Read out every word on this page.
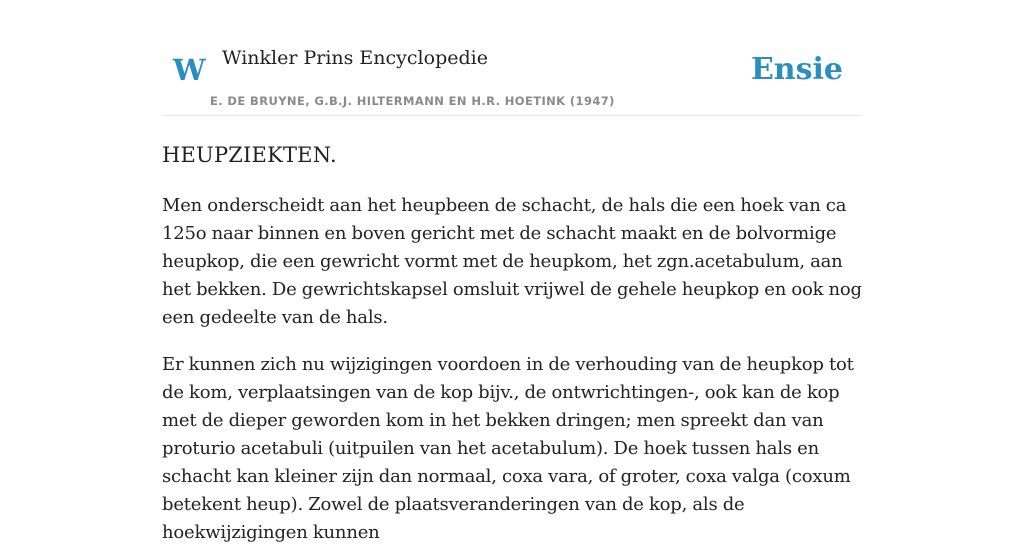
W Winkler Prins Encyclopedie
E. DE BRUYNE, G.B.J. HILTERMANN EN H.R. HOETINK (1947)
Ensie
HEUPZIEKTEN.

Men onderscheidt aan het heupbeen de schacht, de hals die een hoek van ca 125o naar binnen en boven gericht met de schacht maakt en de bolvormige heupkop, die een gewricht vormt met de heupkom, het zgn.acetabulum, aan het bekken. De gewrichtskapsel omsluit vrijwel de gehele heupkop en ook nog een gedeelte van de hals.

Er kunnen zich nu wijzigingen voordoen in de verhouding van de heupkop tot de kom, verplaatsingen van de kop bijv., de ontwrichtingen-, ook kan de kop met de dieper geworden kom in het bekken dringen; men spreekt dan van proturio acetabuli (uitpuilen van het acetabulum). De hoek tussen hals en schacht kan kleiner zijn dan normaal, coxa vara, of groter, coxa valga (coxum betekent heup). Zowel de plaatsveranderingen van de kop, als de hoekwijzigingen kunnen
